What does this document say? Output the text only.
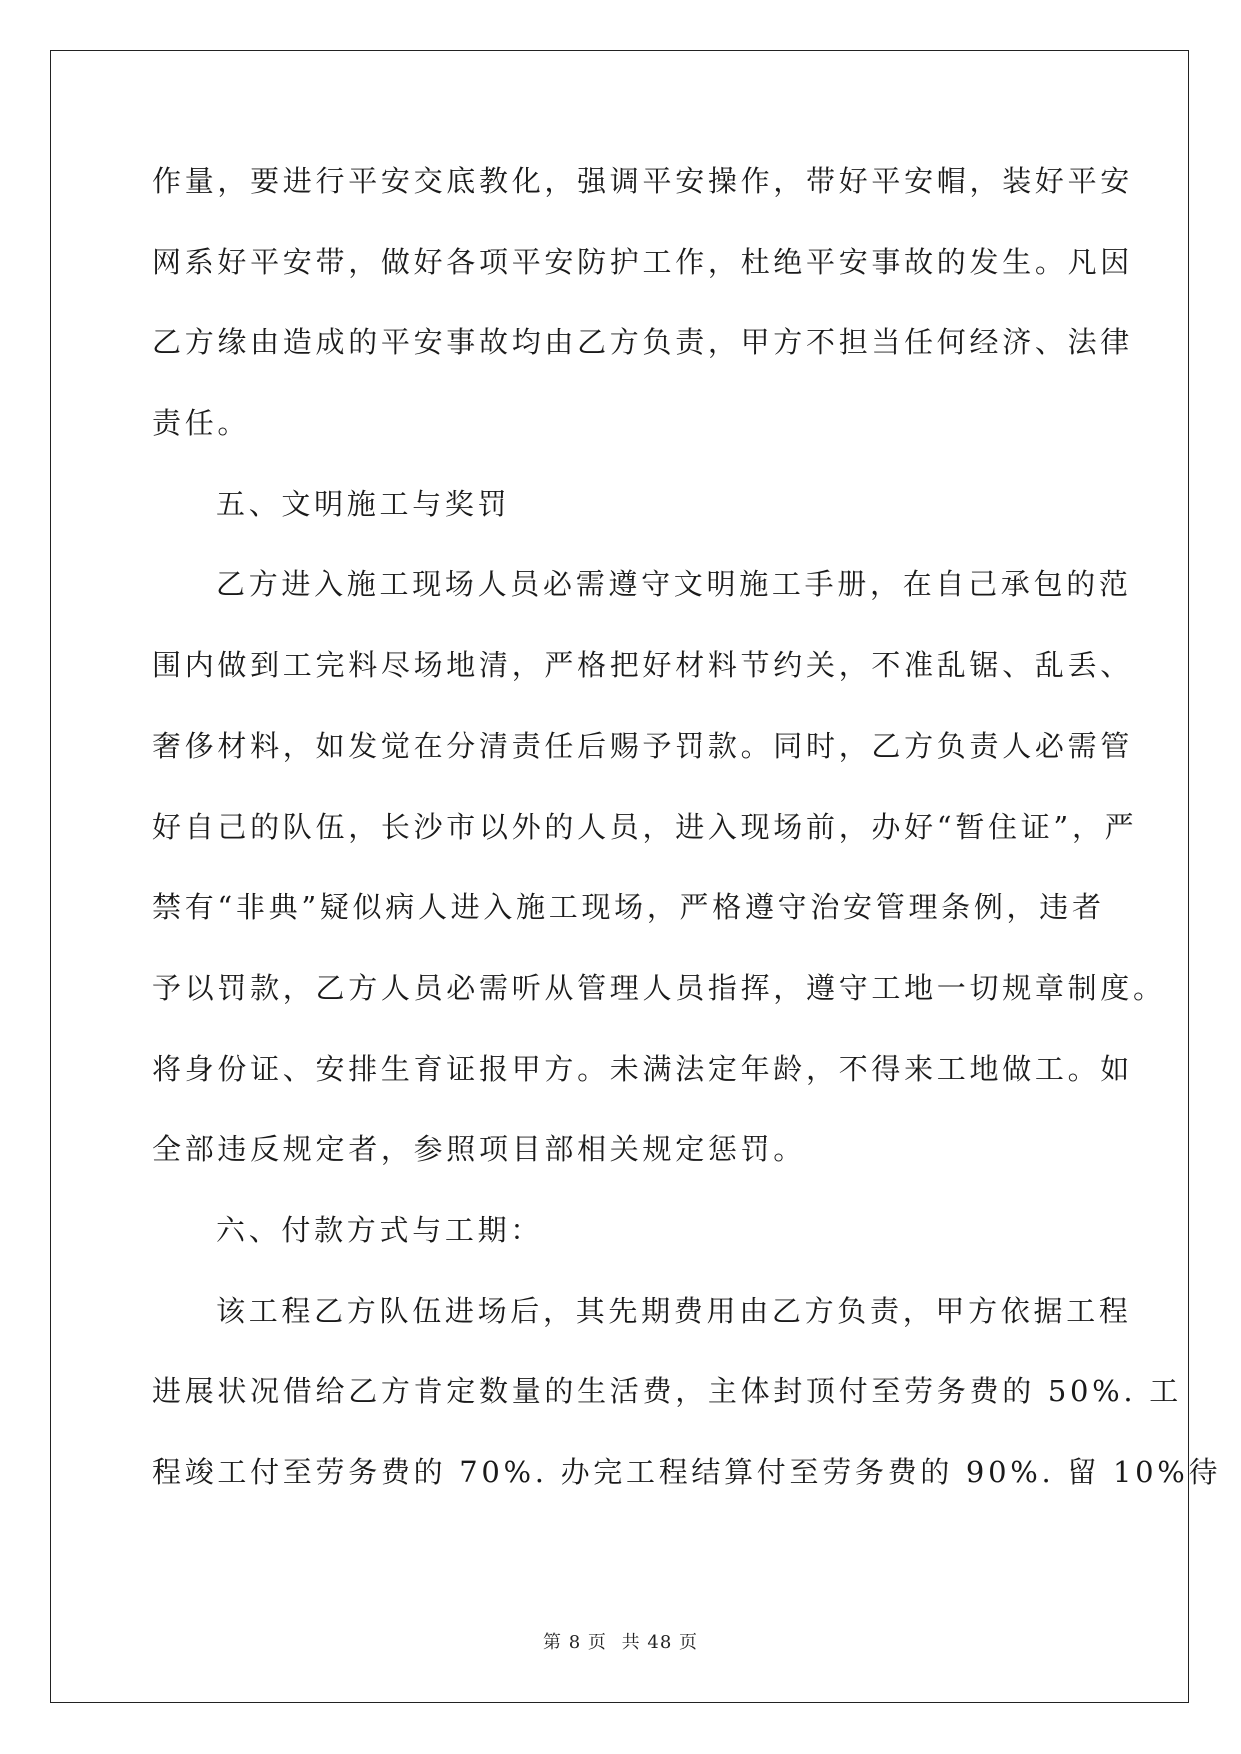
作量，要进行平安交底教化，强调平安操作，带好平安帽，装好平安
网系好平安带，做好各项平安防护工作，杜绝平安事故的发生。凡因
乙方缘由造成的平安事故均由乙方负责，甲方不担当任何经济、法律
责任。
五、文明施工与奖罚
乙方进入施工现场人员必需遵守文明施工手册，在自己承包的范
围内做到工完料尽场地清，严格把好材料节约关，不准乱锯、乱丢、
奢侈材料，如发觉在分清责任后赐予罚款。同时，乙方负责人必需管
好自己的队伍，长沙市以外的人员，进入现场前，办好“暂住证”，严
禁有“非典”疑似病人进入施工现场，严格遵守治安管理条例，违者
予以罚款，乙方人员必需听从管理人员指挥，遵守工地一切规章制度。
将身份证、安排生育证报甲方。未满法定年龄，不得来工地做工。如
全部违反规定者，参照项目部相关规定惩罚。
六、付款方式与工期：
该工程乙方队伍进场后，其先期费用由乙方负责，甲方依据工程
进展状况借给乙方肯定数量的生活费，主体封顶付至劳务费的 50%. 工
程竣工付至劳务费的 70%. 办完工程结算付至劳务费的 90%. 留 10%待
第 8 页 共 48 页
